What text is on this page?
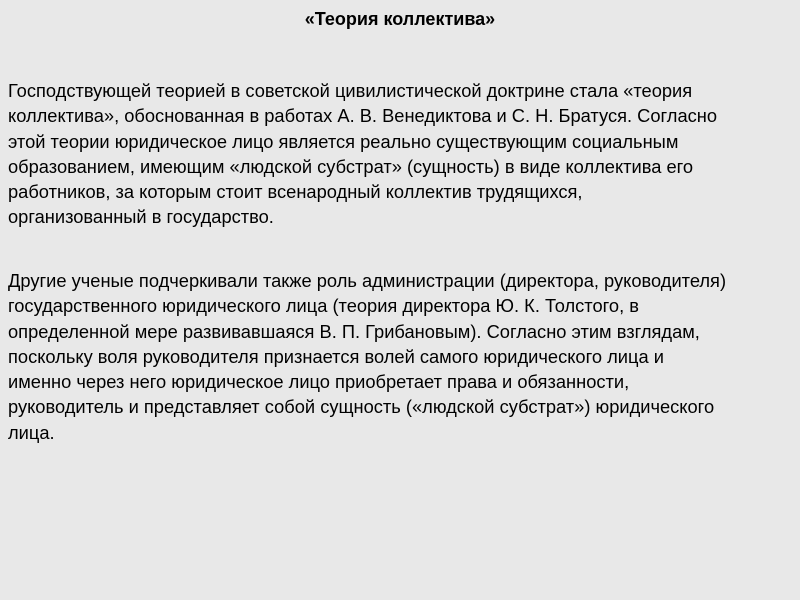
«Теория коллектива»
Господствующей теорией в советской цивилистической доктрине стала «теория
коллектива», обоснованная в работах А. В. Венедиктова и С. Н. Братуся. Согласно
этой теории юридическое лицо является реально существующим социальным
образованием, имеющим «людской субстрат» (сущность) в виде коллектива его
работников, за которым стоит всенародный коллектив трудящихся,
организованный в государство.
Другие ученые подчеркивали также роль администрации (директора, руководителя)
государственного юридического лица (теория директора Ю. К. Толстого, в
определенной мере развивавшаяся В. П. Грибановым). Согласно этим взглядам,
поскольку воля руководителя признается волей самого юридического лица и
именно через него юридическое лицо приобретает права и обязанности,
руководитель и представляет собой сущность («людской субстрат») юридического
лица.
